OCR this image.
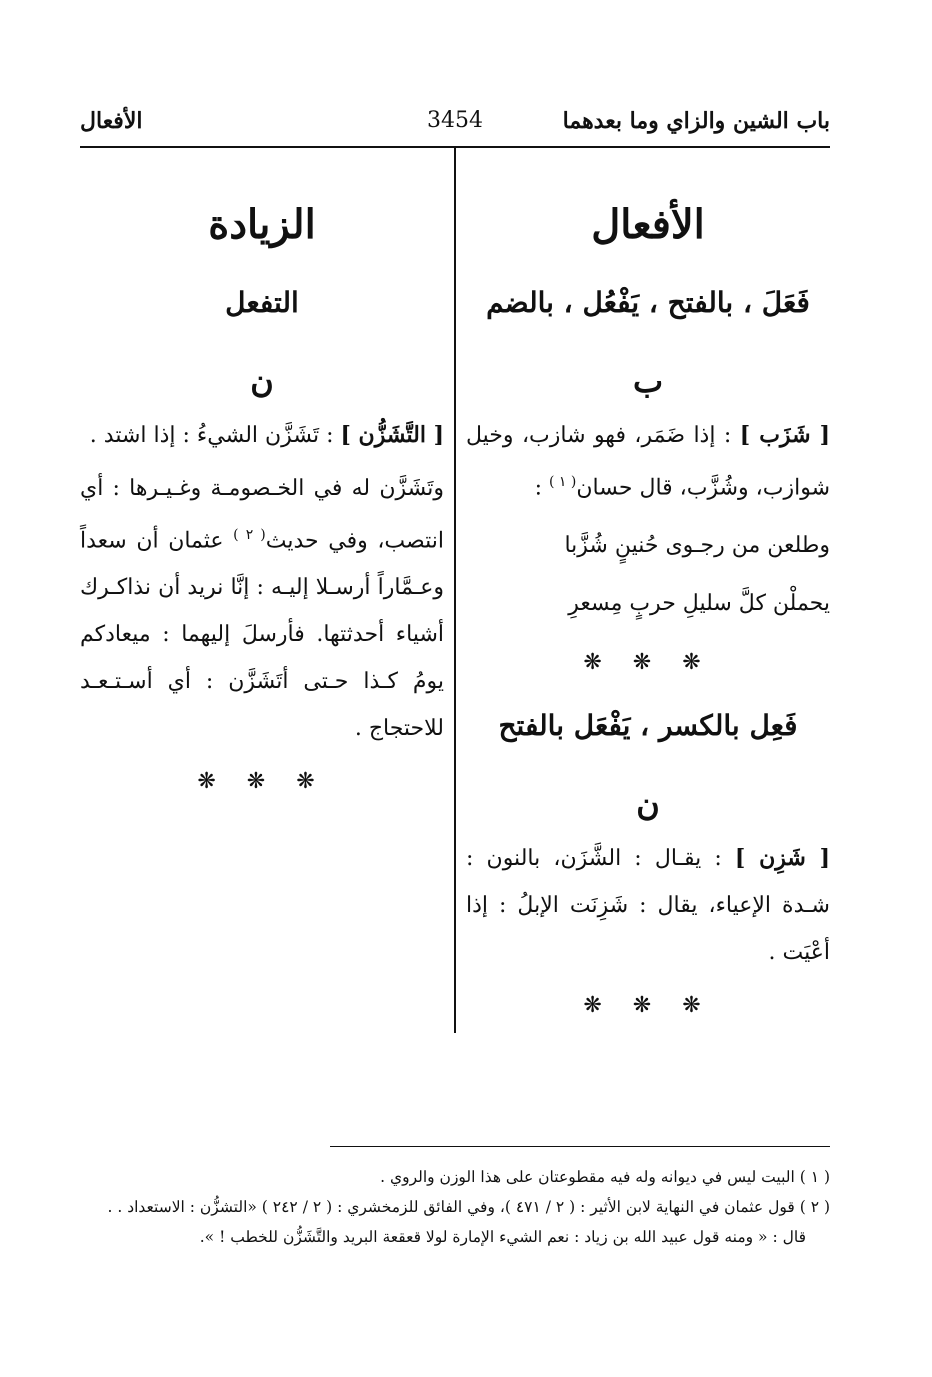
باب الشين والزاي وما بعدهما
3454
الأفعال
الأفعال
فَعَلَ ، بالفتح ، يَفْعُل ، بالضم
ب

[ شَزَب ] : إذا ضَمَر، فهو شازب، وخيل شوازب، وشُزَّب، قال حسان$^{( ١ )}$ :

وطلعن من رجـوى حُنينٍ شُزَّبا

يحملْن كلَّ سليلِ حربٍ مِسعرِ

❋ ❋ ❋
فَعِل بالكسر ، يَفْعَل بالفتح
ن

[ شَزِن ] : يقـال : الشَّزَن، بالنون : شـدة الإعياء، يقال : شَزِنَت الإبلُ : إذا أعْيَت .

❋ ❋ ❋
الزيادة
التفعل
ن

[ التَّشَزُّن ] : تَشَزَّن الشيءُ : إذا اشتد .

وتَشَزَّن له في الخـصومـة وغـيـرها : أي انتصب، وفي حديث$^{( ٢ )}$ عثمان أن سعداً وعـمَّاراً أرسـلا إليـه : إنَّا نريد أن نذاكـرك أشياء أحدثتها. فأرسلَ إليهما : ميعادكم يومُ كـذا حـتى أتَشَزَّن : أي أسـتـعـد للاحتجاج .

❋ ❋ ❋

( ١ ) البيت ليس في ديوانه وله فيه مقطوعتان على هذا الوزن والروي .

( ٢ ) قول عثمان في النهاية لابن الأثير : ( ٢ / ٤٧١ )، وفي الفائق للزمخشري : ( ٢ / ٢٤٢ ) «التشزُّن : الاستعداد . .

قال : « ومنه قول عبيد الله بن زياد : نعم الشيء الإمارة لولا قعقعة البريد والتَّشَزُّن للخطب ! ».
